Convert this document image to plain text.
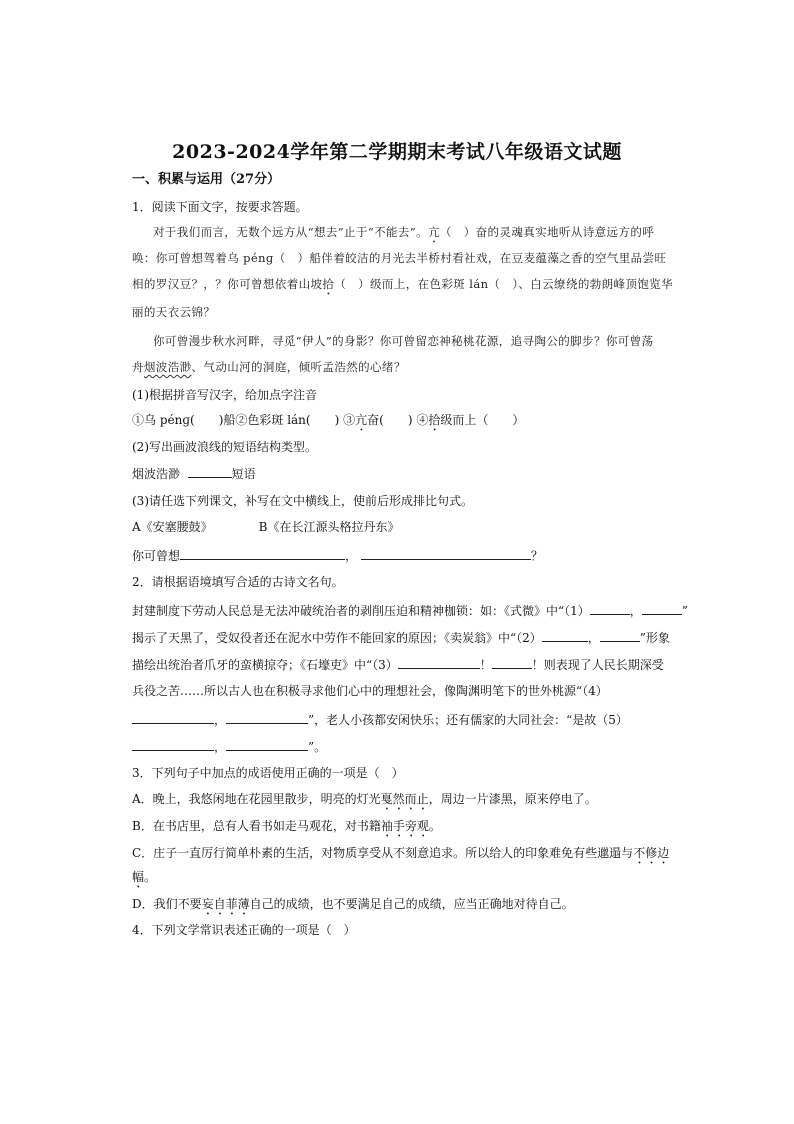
2023-2024学年第二学期期末考试八年级语文试题
一、积累与运用（27分）
1．阅读下面文字，按要求答题。
对于我们而言，无数个远方从“想去”止于“不能去”。亢（　）奋的灵魂真实地听从诗意远方的呼
唤：你可曾想驾着乌 pénɡ（　）船伴着皎洁的月光去半桥村看社戏，在豆麦蕴藻之香的空气里品尝旺
相的罗汉豆？，？你可曾想依着山坡拾（　）级而上，在色彩斑 lán（　）、白云缭绕的勃朗峰顶饱览华
丽的天衣云锦？
你可曾漫步秋水河畔，寻觅“伊人”的身影？你可曾留恋神秘桃花源，追寻陶公的脚步？你可曾荡
舟烟波浩渺、气动山河的洞庭，倾听孟浩然的心绪？
(1)根据拼音写汉字，给加点字注音
①乌 pénɡ(　　)船②色彩斑 lán(　　) ③亢奋(　　) ④拾级而上（　　）
(2)写出画波浪线的短语结构类型。
烟波浩渺	短语
(3)请任选下列课文，补写在文中横线上，使前后形成排比句式。
A《安塞腰鼓》	B《在长江源头格拉丹东》
你可曾想	，	？
2．请根据语境填写合适的古诗文名句。
封建制度下劳动人民总是无法冲破统治者的剥削压迫和精神枷锁：如：《式微》中“（1）	，	”
揭示了天黑了，受奴役者还在泥水中劳作不能回家的原因；《卖炭翁》中“（2）	，	”形象
描绘出统治者爪牙的蛮横掠夺；《石壕吏》中“（3）	！	！则表现了人民长期深受
兵役之苦……所以古人也在积极寻求他们心中的理想社会，像陶渊明笔下的世外桃源“（4）
，	”，老人小孩都安闲快乐；还有儒家的大同社会：“是故（5）
，	”。
3．下列句子中加点的成语使用正确的一项是（　）
A．晚上，我悠闲地在花园里散步，明亮的灯光戛然而止，周边一片漆黑，原来停电了。
B．在书店里，总有人看书如走马观花，对书籍袖手旁观。
C．庄子一直厉行简单朴素的生活，对物质享受从不刻意追求。所以给人的印象难免有些邋遢与不修边
幅。
D．我们不要妄自菲薄自己的成绩，也不要满足自己的成绩，应当正确地对待自己。
4．下列文学常识表述正确的一项是（　）
